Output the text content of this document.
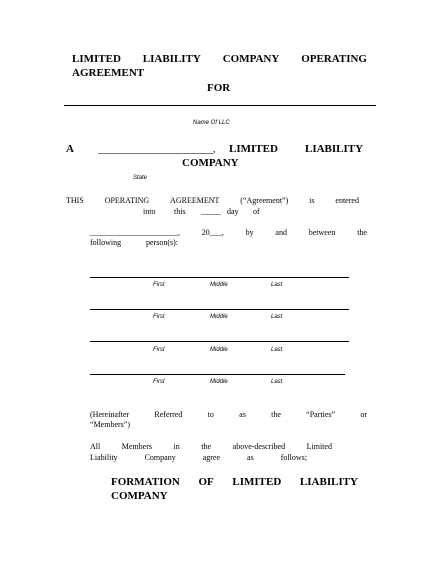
LIMITED LIABILITY COMPANY OPERATING
AGREEMENT
FOR
Name Of LLC
A _______________________, LIMITED LIABILITY
COMPANY
State
THIS	OPERATING	AGREEMENT	(“Agreement”)	is	entered
into this _____ day of
______________________,	20___,	by	and	between	the
following	person(s):
First	Middle	Last
First	Middle	Last
First	Middle	Last
First	Middle	Last
(Hereinafter	Referred	to	as	the	“Parties”	or
“Members”)
All	Members	in	the	above‐described	Limited
Liability	Company	agree	as	follows;
FORMATION OF LIMITED LIABILITY
COMPANY
